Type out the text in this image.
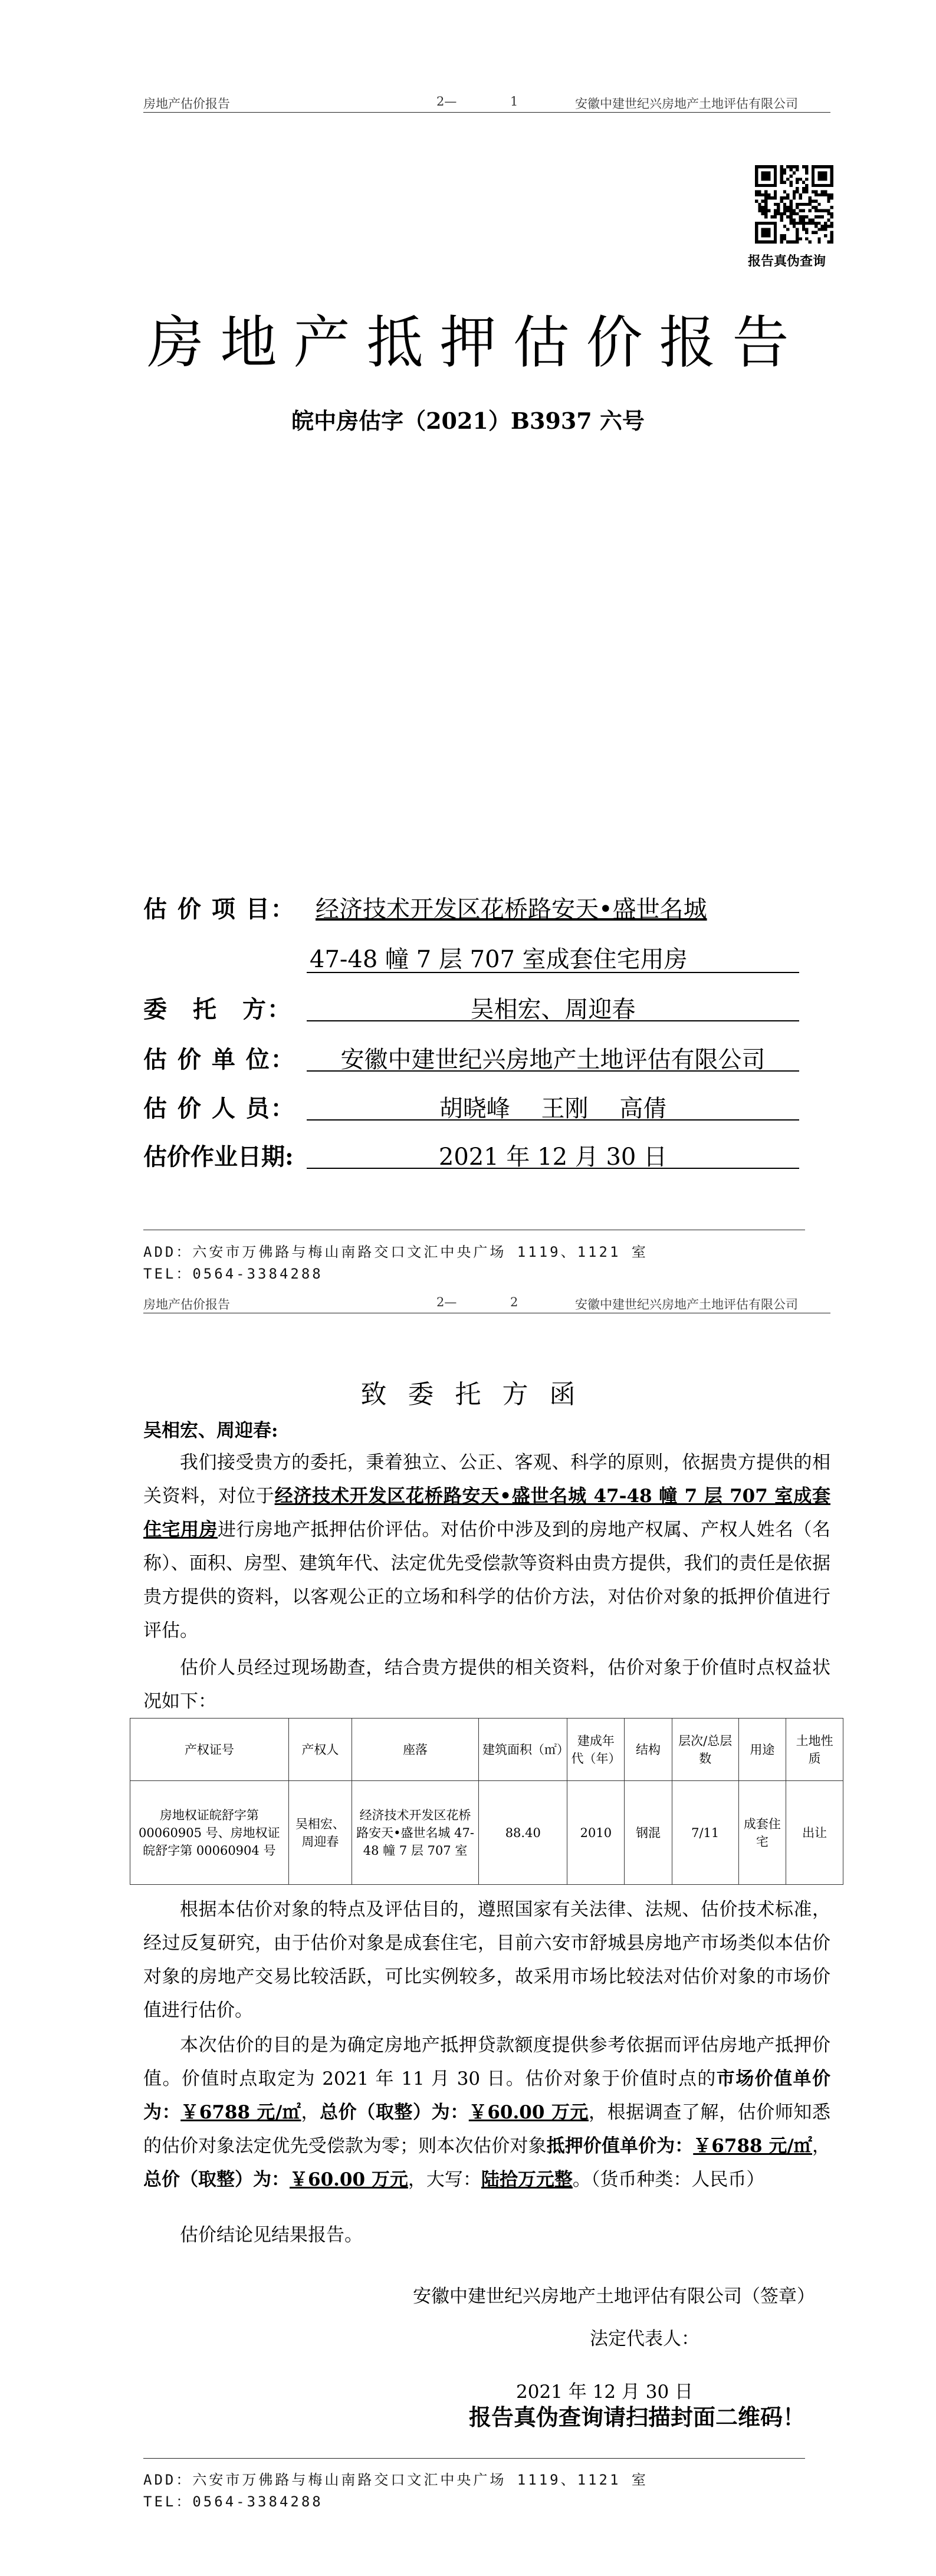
房地产估价报告	2—	1	安徽中建世纪兴房地产土地评估有限公司
报告真伪查询
房地产抵押估价报告
皖中房估字（2021）B3937 六号
估 价 项 目： 经济技术开发区花桥路安天•盛世名城
47-48 幢 7 层 707 室成套住宅用房
委　托　方：	吴相宏、周迎春
估 价 单 位：	安徽中建世纪兴房地产土地评估有限公司
估 价 人 员：	胡晓峰　 王刚　 高倩
估价作业日期:	2021 年 12 月 30 日
ADD：六安市万佛路与梅山南路交口文汇中央广场 1119、1121 室
TEL：0564-3384288
房地产估价报告	2—	2	安徽中建世纪兴房地产土地评估有限公司
致委托方函
吴相宏、周迎春:
我们接受贵方的委托，秉着独立、公正、客观、科学的原则，依据贵方提供的相关资料，对位于经济技术开发区花桥路安天•盛世名城 47-48 幢 7 层 707 室成套住宅用房进行房地产抵押估价评估。对估价中涉及到的房地产权属、产权人姓名（名称）、面积、房型、建筑年代、法定优先受偿款等资料由贵方提供，我们的责任是依据贵方提供的资料，以客观公正的立场和科学的估价方法，对估价对象的抵押价值进行评估。
估价人员经过现场勘查，结合贵方提供的相关资料，估价对象于价值时点权益状况如下：
产权证号	产权人	座落	建筑面积（㎡）	建成年代（年）	结构	层次/总层数	用途	土地性质
房地权证皖舒字第 00060905 号、房地权证皖舒字第 00060904 号	吴相宏、周迎春	经济技术开发区花桥路安天•盛世名城 47-48 幢 7 层 707 室	88.40	2010	钢混	7/11	成套住宅	出让
根据本估价对象的特点及评估目的，遵照国家有关法律、法规、估价技术标准，经过反复研究，由于估价对象是成套住宅，目前六安市舒城县房地产市场类似本估价对象的房地产交易比较活跃，可比实例较多，故采用市场比较法对估价对象的市场价值进行估价。
本次估价的目的是为确定房地产抵押贷款额度提供参考依据而评估房地产抵押价值。价值时点取定为 2021 年 11 月 30 日。估价对象于价值时点的市场价值单价为：￥6788 元/㎡，总价（取整）为：￥60.00 万元，根据调查了解，估价师知悉的估价对象法定优先受偿款为零；则本次估价对象抵押价值单价为：￥6788 元/㎡，总价（取整）为：￥60.00 万元，大写：陆拾万元整。（货币种类：人民币）
估价结论见结果报告。
安徽中建世纪兴房地产土地评估有限公司（签章）
法定代表人：
2021 年 12 月 30 日
报告真伪查询请扫描封面二维码！
ADD：六安市万佛路与梅山南路交口文汇中央广场 1119、1121 室
TEL：0564-3384288
